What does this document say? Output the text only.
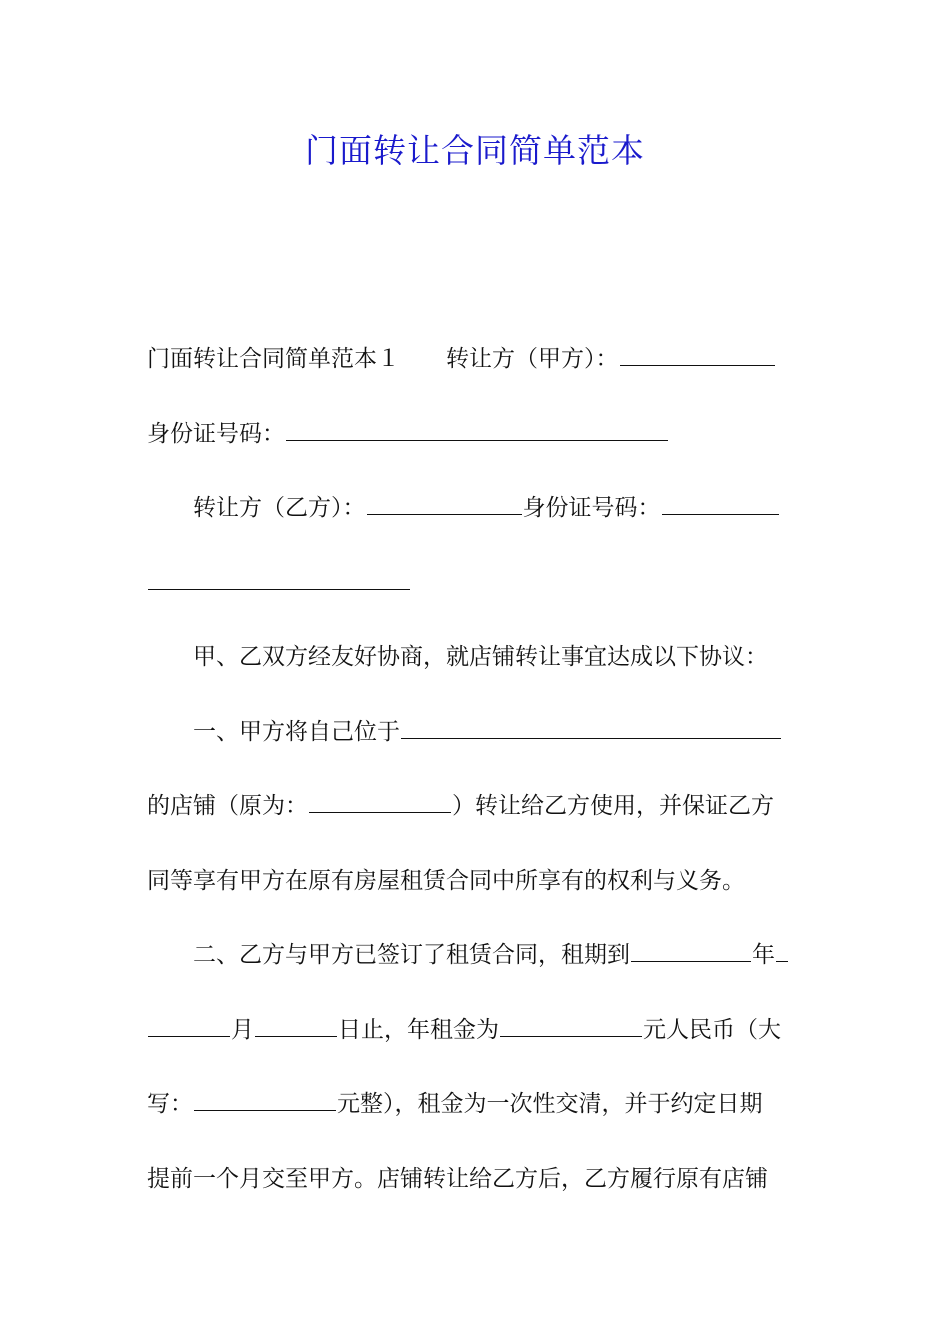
门面转让合同简单范本
门面转让合同简单范本１ 转让方（甲方）：
身份证号码：
转让方（乙方）：	身份证号码：
甲、乙双方经友好协商，就店铺转让事宜达成以下协议：
一、甲方将自己位于
的店铺（原为：	）转让给乙方使用，并保证乙方
同等享有甲方在原有房屋租赁合同中所享有的权利与义务。
二、乙方与甲方已签订了租赁合同，租期到	年
月	日止，年租金为	元人民币（大
写：	元整），租金为一次性交清，并于约定日期
提前一个月交至甲方。店铺转让给乙方后，乙方履行原有店铺
